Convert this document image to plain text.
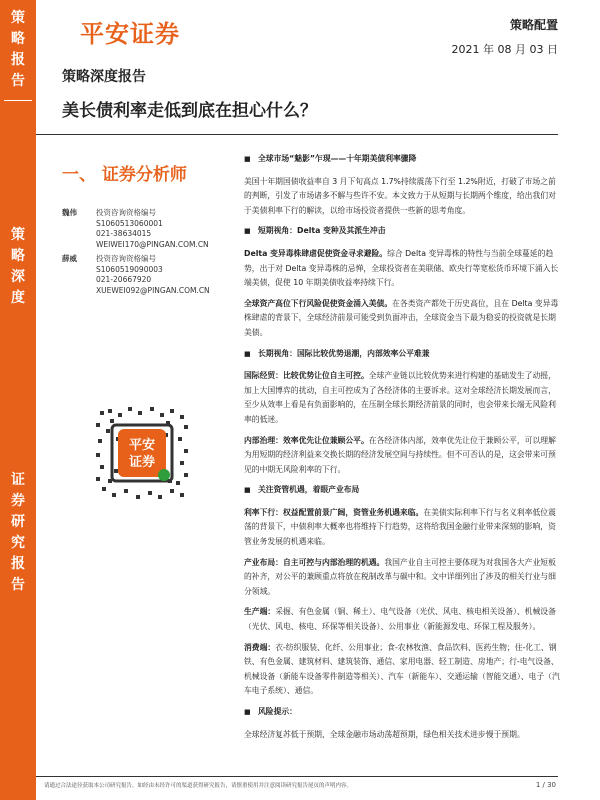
策
略
报
告
策
略
深
度
证
券
研
究
报
告
平安证券	策略配置
2021 年 08 月 03 日
策略深度报告
美长债利率走低到底在担心什么？
一、 证券分析师
魏伟	投资咨询资格编号
S1060513060001
021-38634015
WEIWEI170@PINGAN.COM.CN
薛威	投资咨询资格编号
S1060519090003
021-20667920
XUEWEI092@PINGAN.COM.CN
平安
证券
■ 全球市场“魅影”乍现——十年期美债利率骤降
美国十年期国债收益率自 3 月下旬高点 1.7%持续震荡下行至 1.2%附近，打破了市场之前的判断，引发了市场诸多不解与些许不安。本文致力于从短期与长期两个维度，给出我们对于美债利率下行的解读，以给市场投资者提供一些新的思考角度。
■ 短期视角：Delta 变种及其派生冲击
Delta 变异毒株肆虐促使资金寻求避险。综合 Delta 变异毒株的特性与当前全球蔓延的趋势，出于对 Delta 变异毒株的忌惮，全球投资者在美联储、欧央行等宽松货币环境下涌入长端美债，促使 10 年期美债收益率持续下行。
全球资产高位下行风险促使资金涌入美债。在各类资产都处于历史高位，且在 Delta 变异毒株肆虐的背景下，全球经济前景可能受到负面冲击，全球资金当下最为稳妥的投资就是长期美债。
■ 长期视角：国际比较优势退潮，内部效率公平难兼
国际经贸：比较优势让位自主可控。全球产业链以比较优势来进行构建的基础发生了动摇，加上大国博弈的扰动，自主可控成为了各经济体的主要诉求。这对全球经济长期发展而言，至少从效率上看是有负面影响的，在压制全球长期经济前景的同时，也会带来长端无风险利率的低迷。
内部治理：效率优先让位兼顾公平。在各经济体内部，效率优先让位于兼顾公平，可以理解为用短期的经济利益来交换长期的经济发展空间与持续性。但不可否认的是，这会带来可预见的中期无风险利率的下行。
■ 关注资管机遇，着眼产业布局
利率下行：权益配置前景广阔，资管业务机遇来临。在美债实际利率下行与名义利率低位震荡的背景下，中债利率大概率也将维持下行趋势，这将给我国金融行业带来深刻的影响，资管业务发展的机遇来临。
产业布局：自主可控与内部治理的机遇。我国产业自主可控主要体现为对我国各大产业短板的补齐，对公平的兼顾重点将放在税制改革与碳中和。文中详细列出了涉及的相关行业与细分领域。
生产端：采掘、有色金属（铜、稀土）、电气设备（光伏、风电、核电相关设备）、机械设备（光伏、风电、核电、环保等相关设备）、公用事业（新能源发电、环保工程及服务）。
消费端：衣-纺织服装、化纤、公用事业；食-农林牧渔、食品饮料、医药生物；住-化工、钢铁、有色金属、建筑材料、建筑装饰、通信、家用电器、轻工制造、房地产；行-电气设备、机械设备（新能车设备零件制造等相关）、汽车（新能车）、交通运输（智能交通）、电子（汽车电子系统）、通信。
■ 风险提示：
全球经济复苏低于预期，全球金融市场动荡超预期，绿色相关技术进步慢于预期。
请通过合法途径获取本公司研究报告，如经由未经许可的渠道获得研究报告，请慎重使用并注意阅读研究报告尾页的声明内容。	1 / 30
